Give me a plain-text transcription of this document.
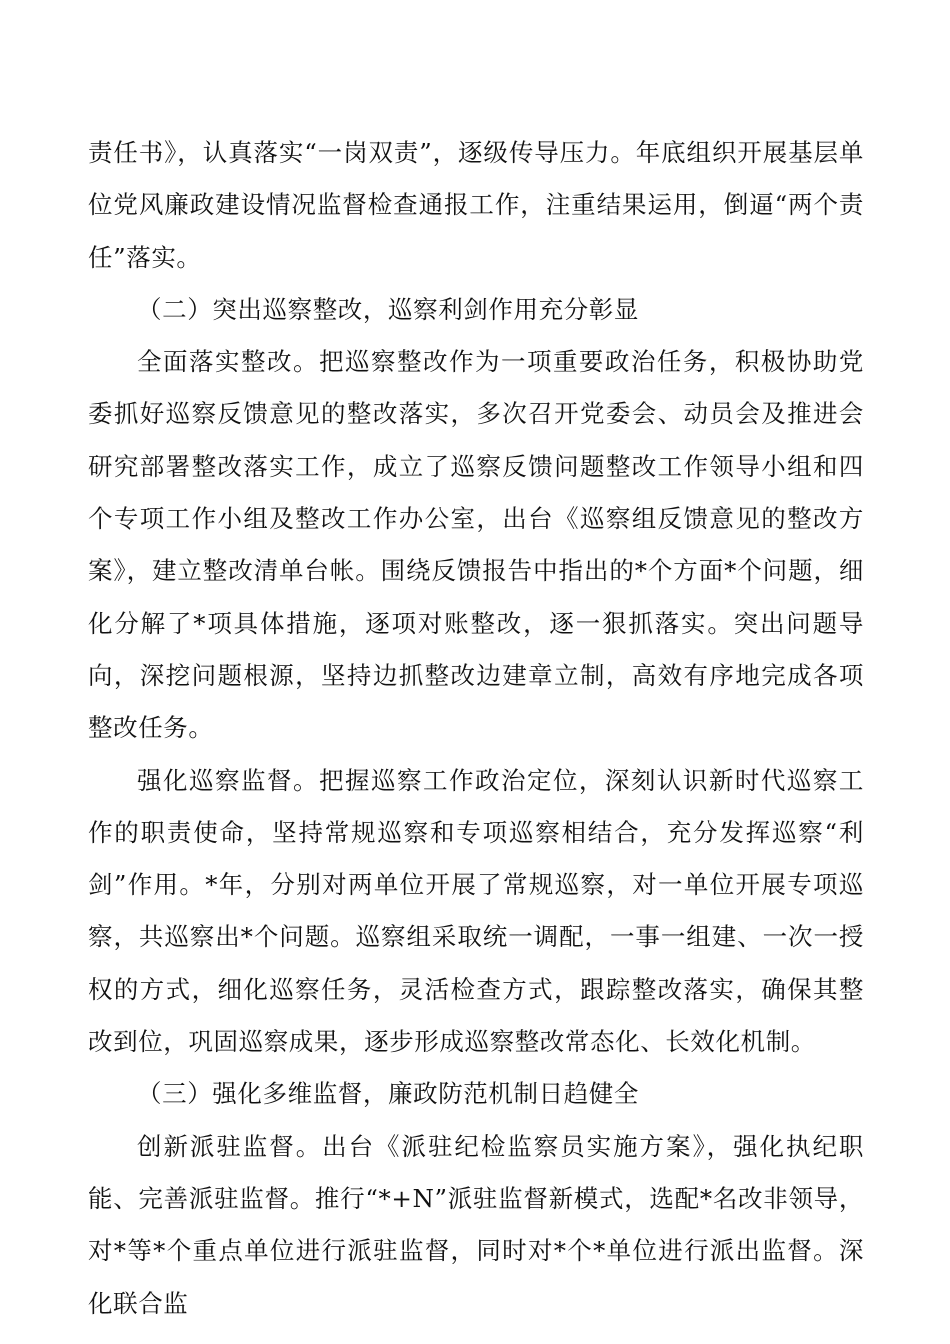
责任书》，认真落实“一岗双责”，逐级传导压力。年底组织开展基层单位党风廉政建设情况监督检查通报工作，注重结果运用，倒逼“两个责任”落实。

（二）突出巡察整改，巡察利剑作用充分彰显

全面落实整改。把巡察整改作为一项重要政治任务，积极协助党委抓好巡察反馈意见的整改落实，多次召开党委会、动员会及推进会研究部署整改落实工作，成立了巡察反馈问题整改工作领导小组和四个专项工作小组及整改工作办公室，出台《巡察组反馈意见的整改方案》，建立整改清单台帐。围绕反馈报告中指出的*个方面*个问题，细化分解了*项具体措施，逐项对账整改，逐一狠抓落实。突出问题导向，深挖问题根源，坚持边抓整改边建章立制，高效有序地完成各项整改任务。

强化巡察监督。把握巡察工作政治定位，深刻认识新时代巡察工作的职责使命，坚持常规巡察和专项巡察相结合，充分发挥巡察“利剑”作用。*年，分别对两单位开展了常规巡察，对一单位开展专项巡察，共巡察出*个问题。巡察组采取统一调配，一事一组建、一次一授权的方式，细化巡察任务，灵活检查方式，跟踪整改落实，确保其整改到位，巩固巡察成果，逐步形成巡察整改常态化、长效化机制。

（三）强化多维监督，廉政防范机制日趋健全

创新派驻监督。出台《派驻纪检监察员实施方案》，强化执纪职能、完善派驻监督。推行“*+N”派驻监督新模式，选配*名改非领导，对*等*个重点单位进行派驻监督，同时对*个*单位进行派出监督。深化联合监
